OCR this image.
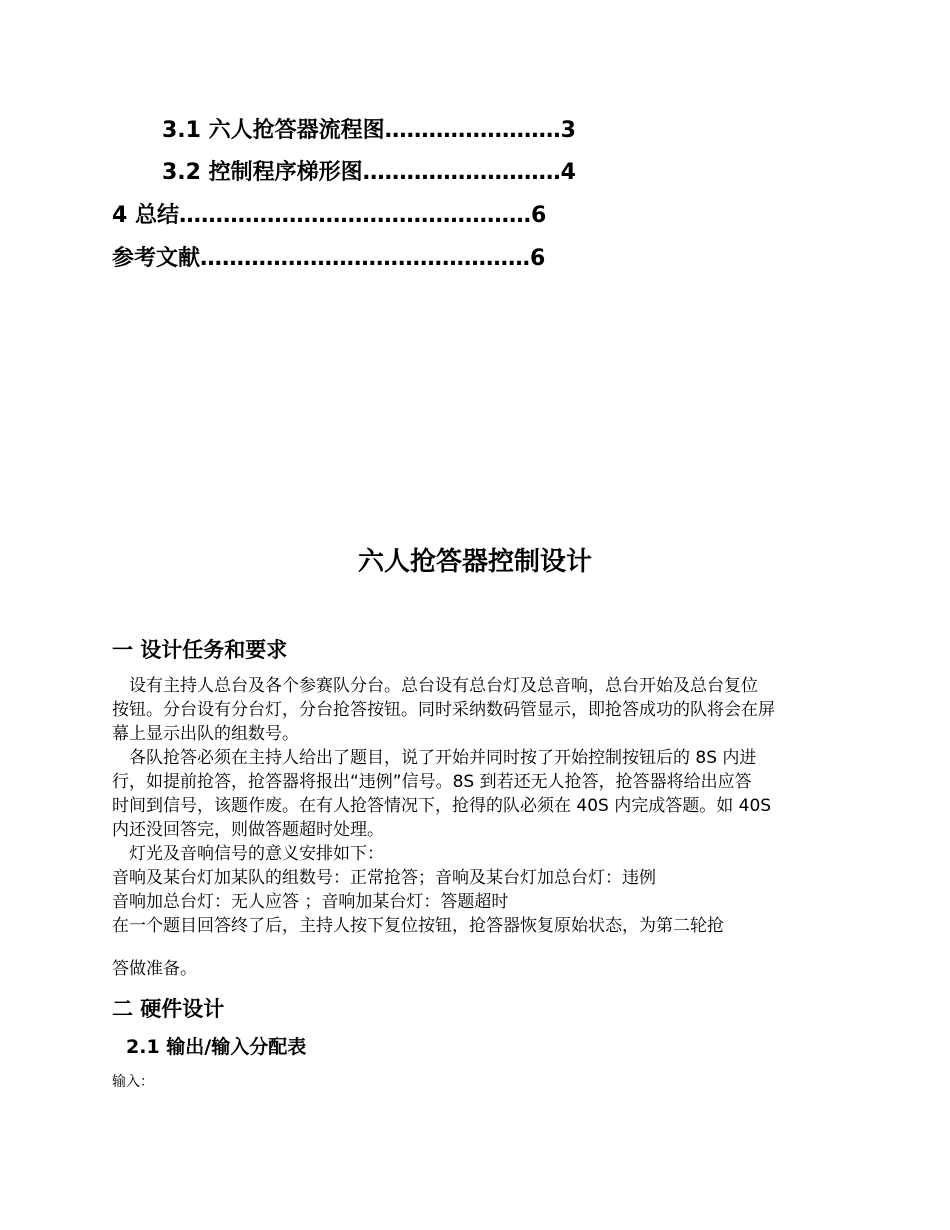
3.1 六人抢答器流程图……………………3
3.2 控制程序梯形图………………………4
4 总结…………………………………………6
参考文献………………………………………6
六人抢答器控制设计
一 设计任务和要求
　设有主持人总台及各个参赛队分台。总台设有总台灯及总音响，总台开始及总台复位
按钮。分台设有分台灯，分台抢答按钮。同时采纳数码管显示，即抢答成功的队将会在屏
幕上显示出队的组数号。
　各队抢答必须在主持人给出了题目，说了开始并同时按了开始控制按钮后的 8S 内进
行，如提前抢答，抢答器将报出“违例”信号。8S 到若还无人抢答，抢答器将给出应答
时间到信号，该题作废。在有人抢答情况下，抢得的队必须在 40S 内完成答题。如 40S
内还没回答完，则做答题超时处理。
　灯光及音响信号的意义安排如下：
音响及某台灯加某队的组数号：正常抢答；音响及某台灯加总台灯：违例
音响加总台灯：无人应答 ；音响加某台灯：答题超时
在一个题目回答终了后，主持人按下复位按钮，抢答器恢复原始状态，为第二轮抢
答做准备。
二 硬件设计
2.1 输出/输入分配表
输入：
